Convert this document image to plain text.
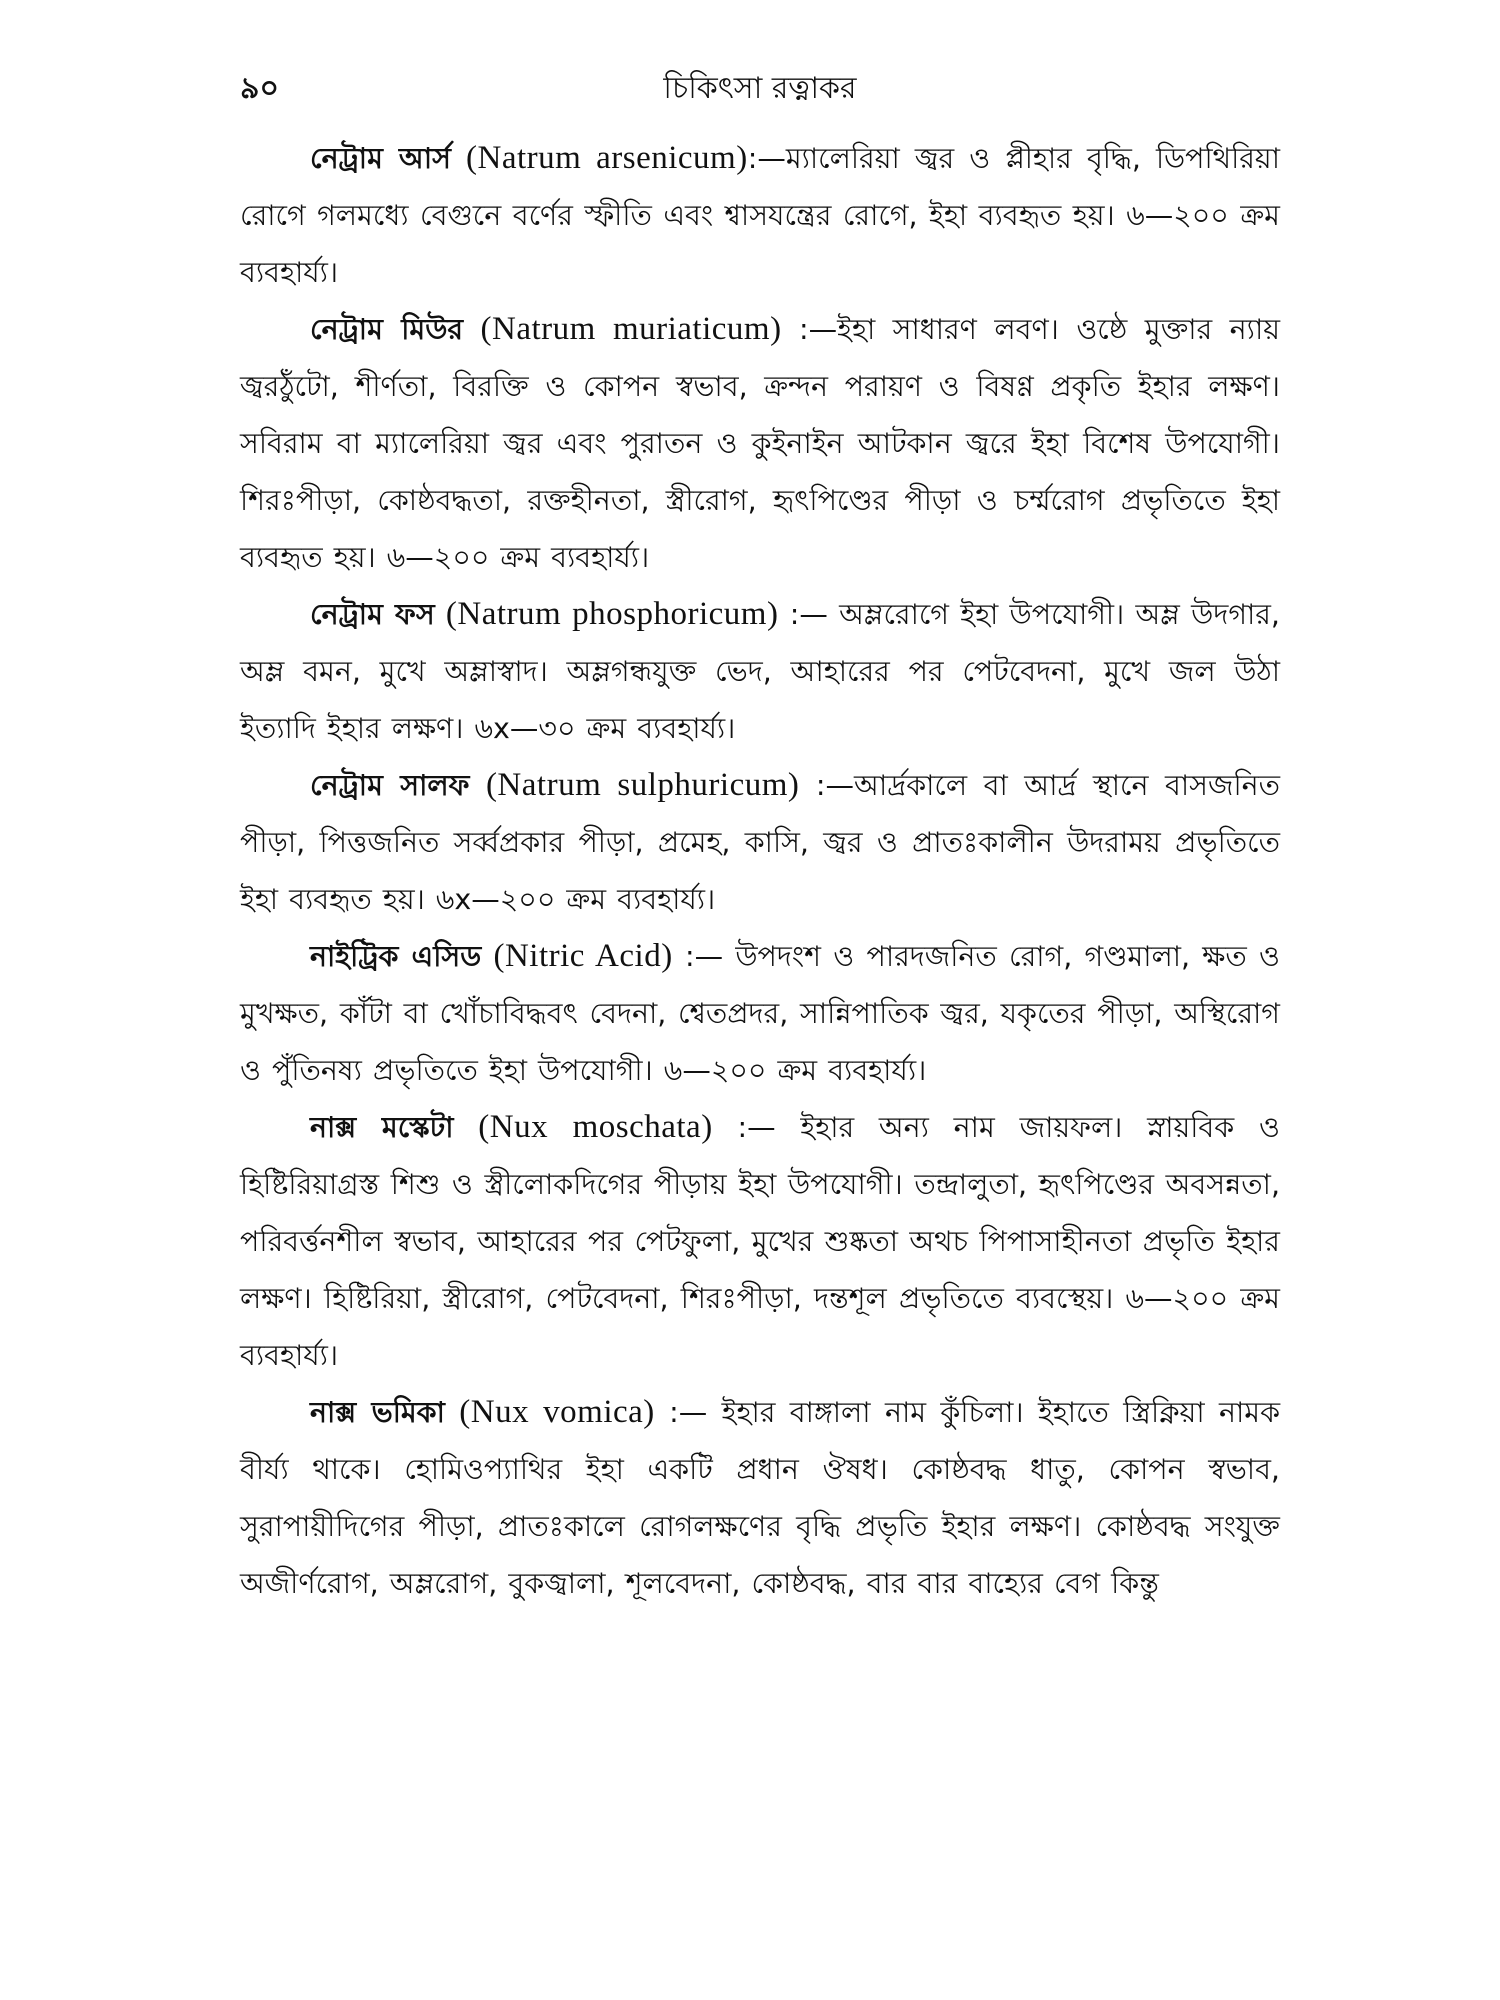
৯০	চিকিৎসা রত্নাকর

নেট্রাম আর্স (Natrum arsenicum):—ম্যালেরিয়া জ্বর ও প্লীহার বৃদ্ধি, ডিপথিরিয়া রোগে গলমধ্যে বেগুনে বর্ণের স্ফীতি এবং শ্বাসযন্ত্রের রোগে, ইহা ব্যবহৃত হয়। ৬—২০০ ক্রম ব্যবহার্য্য।

নেট্রাম মিউর (Natrum muriaticum) :—ইহা সাধারণ লবণ। ওষ্ঠে মুক্তার ন্যায় জ্বরঠুঁটো, শীর্ণতা, বিরক্তি ও কোপন স্বভাব, ক্রন্দন পরায়ণ ও বিষণ্ণ প্রকৃতি ইহার লক্ষণ। সবিরাম বা ম্যালেরিয়া জ্বর এবং পুরাতন ও কুইনাইন আটকান জ্বরে ইহা বিশেষ উপযোগী। শিরঃপীড়া, কোষ্ঠবদ্ধতা, রক্তহীনতা, স্ত্রীরোগ, হৃৎপিণ্ডের পীড়া ও চর্ম্মরোগ প্রভৃতিতে ইহা ব্যবহৃত হয়। ৬—২০০ ক্রম ব্যবহার্য্য।

নেট্রাম ফস (Natrum phosphoricum) :— অম্লরোগে ইহা উপযোগী। অম্ল উদগার, অম্ল বমন, মুখে অম্লাস্বাদ। অম্লগন্ধযুক্ত ভেদ, আহারের পর পেটবেদনা, মুখে জল উঠা ইত্যাদি ইহার লক্ষণ। ৬x—৩০ ক্রম ব্যবহার্য্য।

নেট্রাম সালফ (Natrum sulphuricum) :—আর্দ্রকালে বা আর্দ্র স্থানে বাসজনিত পীড়া, পিত্তজনিত সর্ব্বপ্রকার পীড়া, প্রমেহ, কাসি, জ্বর ও প্রাতঃকালীন উদরাময় প্রভৃতিতে ইহা ব্যবহৃত হয়। ৬x—২০০ ক্রম ব্যবহার্য্য।

নাইট্রিক এসিড (Nitric Acid) :— উপদংশ ও পারদজনিত রোগ, গণ্ডমালা, ক্ষত ও মুখক্ষত, কাঁটা বা খোঁচাবিদ্ধবৎ বেদনা, শ্বেতপ্রদর, সান্নিপাতিক জ্বর, যকৃতের পীড়া, অস্থিরোগ ও পুঁতিনষ্য প্রভৃতিতে ইহা উপযোগী। ৬—২০০ ক্রম ব্যবহার্য্য।

নাক্স মস্কেটা (Nux moschata) :— ইহার অন্য নাম জায়ফল। স্নায়বিক ও হিষ্টিরিয়াগ্রস্ত শিশু ও স্ত্রীলোকদিগের পীড়ায় ইহা উপযোগী। তন্দ্রালুতা, হৃৎপিণ্ডের অবসন্নতা, পরিবর্ত্তনশীল স্বভাব, আহারের পর পেটফুলা, মুখের শুষ্কতা অথচ পিপাসাহীনতা প্রভৃতি ইহার লক্ষণ। হিষ্টিরিয়া, স্ত্রীরোগ, পেটবেদনা, শিরঃপীড়া, দন্তশূল প্রভৃতিতে ব্যবস্থেয়। ৬—২০০ ক্রম ব্যবহার্য্য।

নাক্স ভমিকা (Nux vomica) :— ইহার বাঙ্গালা নাম কুঁচিলা। ইহাতে স্ত্রিক্নিয়া নামক বীর্য্য থাকে। হোমিওপ্যাথির ইহা একটি প্রধান ঔষধ। কোষ্ঠবদ্ধ ধাতু, কোপন স্বভাব, সুরাপায়ীদিগের পীড়া, প্রাতঃকালে রোগলক্ষণের বৃদ্ধি প্রভৃতি ইহার লক্ষণ। কোষ্ঠবদ্ধ সংযুক্ত অজীর্ণরোগ, অম্লরোগ, বুকজ্বালা, শূলবেদনা, কোষ্ঠবদ্ধ, বার বার বাহ্যের বেগ কিন্তু
